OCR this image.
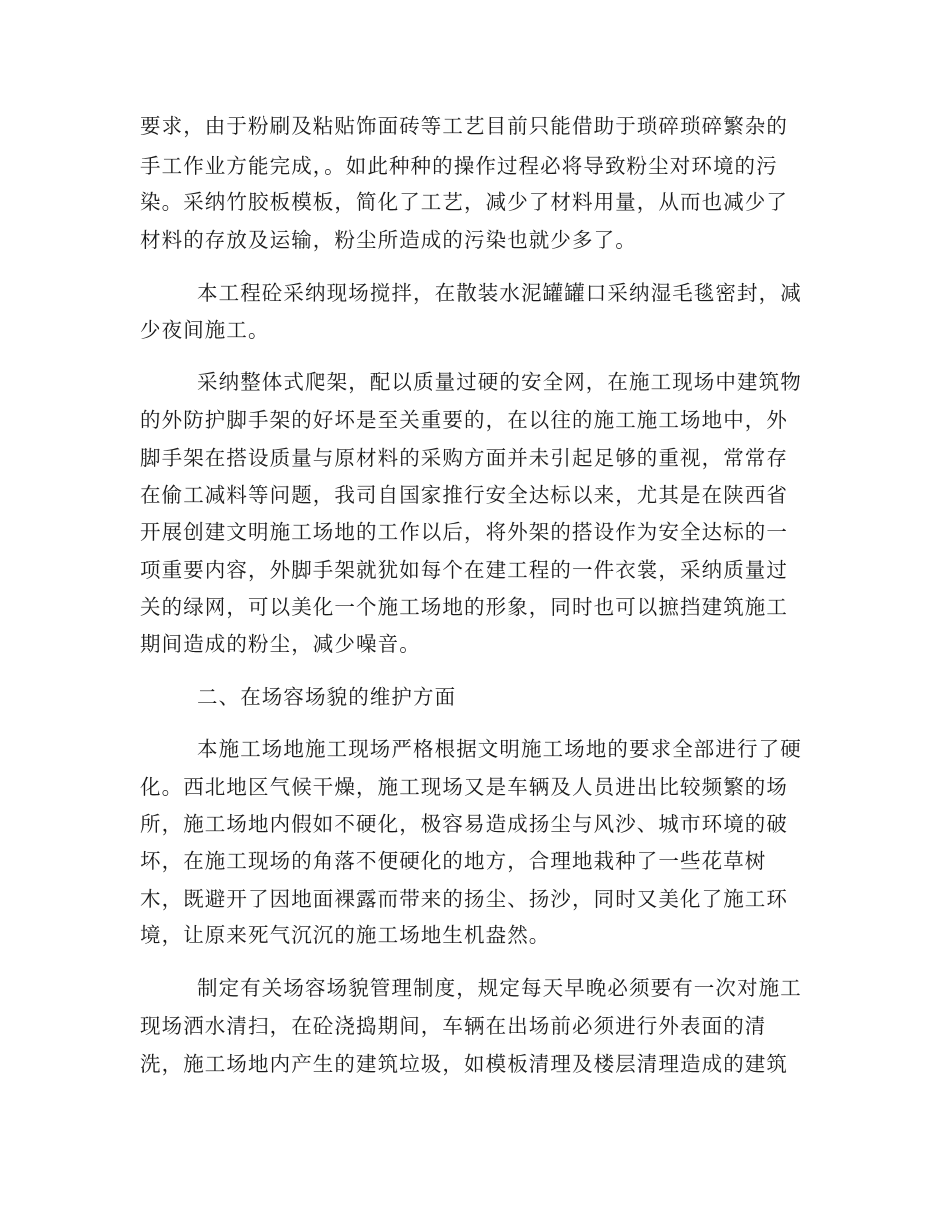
要求，由于粉刷及粘贴饰面砖等工艺目前只能借助于琐碎琐碎繁杂的
手工作业方能完成，。如此种种的操作过程必将导致粉尘对环境的污
染。采纳竹胶板模板，简化了工艺，减少了材料用量，从而也减少了
材料的存放及运输，粉尘所造成的污染也就少多了。
本工程砼采纳现场搅拌，在散装水泥罐罐口采纳湿毛毯密封，减
少夜间施工。
采纳整体式爬架，配以质量过硬的安全网，在施工现场中建筑物
的外防护脚手架的好坏是至关重要的，在以往的施工施工场地中，外
脚手架在搭设质量与原材料的采购方面并未引起足够的重视，常常存
在偷工减料等问题，我司自国家推行安全达标以来，尤其是在陕西省
开展创建文明施工场地的工作以后，将外架的搭设作为安全达标的一
项重要内容，外脚手架就犹如每个在建工程的一件衣裳，采纳质量过
关的绿网，可以美化一个施工场地的形象，同时也可以摭挡建筑施工
期间造成的粉尘，减少噪音。
二、在场容场貌的维护方面
本施工场地施工现场严格根据文明施工场地的要求全部进行了硬
化。西北地区气候干燥，施工现场又是车辆及人员进出比较频繁的场
所，施工场地内假如不硬化，极容易造成扬尘与风沙、城市环境的破
坏，在施工现场的角落不便硬化的地方，合理地栽种了一些花草树
木，既避开了因地面裸露而带来的扬尘、扬沙，同时又美化了施工环
境，让原来死气沉沉的施工场地生机盎然。
制定有关场容场貌管理制度，规定每天早晚必须要有一次对施工
现场洒水清扫，在砼浇捣期间，车辆在出场前必须进行外表面的清
洗，施工场地内产生的建筑垃圾，如模板清理及楼层清理造成的建筑
